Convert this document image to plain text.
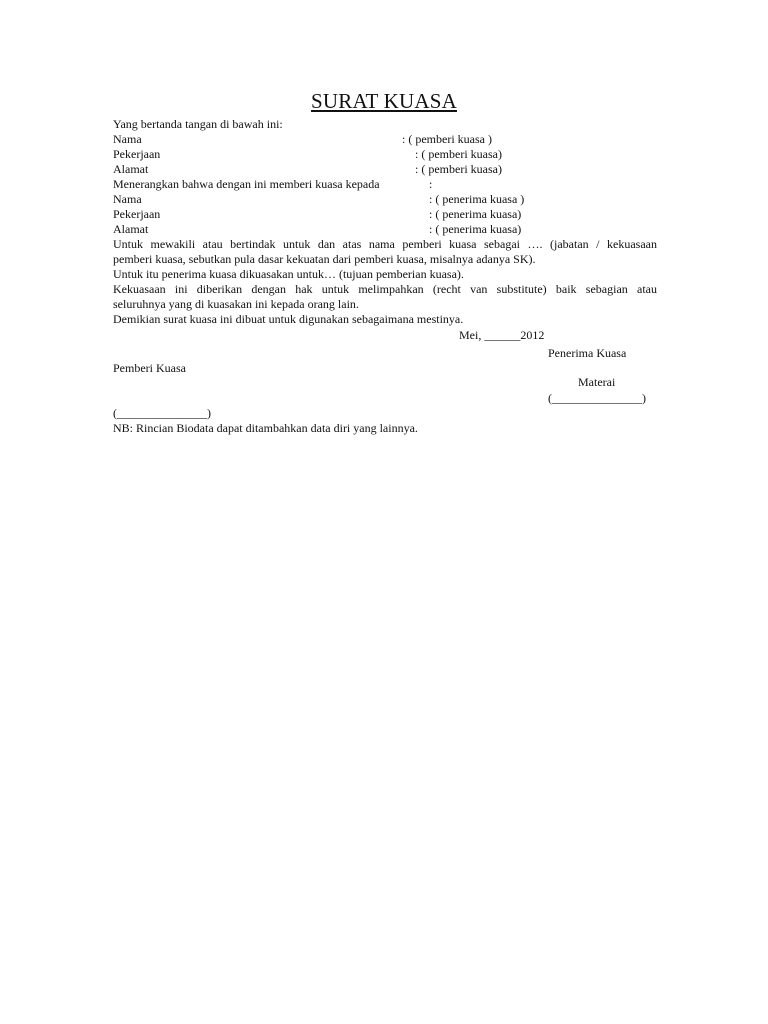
SURAT KUASA
Yang bertanda tangan di bawah ini:
Nama	: ( pemberi kuasa )
Pekerjaan	: ( pemberi kuasa)
Alamat	: ( pemberi kuasa)
Menerangkan bahwa dengan ini memberi kuasa kepada	:
Nama	: ( penerima kuasa )
Pekerjaan	: ( penerima kuasa)
Alamat	: ( penerima kuasa)
Untuk mewakili atau bertindak untuk dan atas nama pemberi kuasa sebagai …. (jabatan / kekuasaan
pemberi kuasa, sebutkan pula dasar kekuatan dari pemberi kuasa, misalnya adanya SK).
Untuk itu penerima kuasa dikuasakan untuk… (tujuan pemberian kuasa).
Kekuasaan ini diberikan dengan hak untuk melimpahkan (recht van substitute) baik sebagian atau
seluruhnya yang di kuasakan ini kepada orang lain.
Demikian surat kuasa ini dibuat untuk digunakan sebagaimana mestinya.
Mei, ______2012
Penerima Kuasa
Pemberi Kuasa
Materai
(_______________)
(_______________)
NB: Rincian Biodata dapat ditambahkan data diri yang lainnya.
